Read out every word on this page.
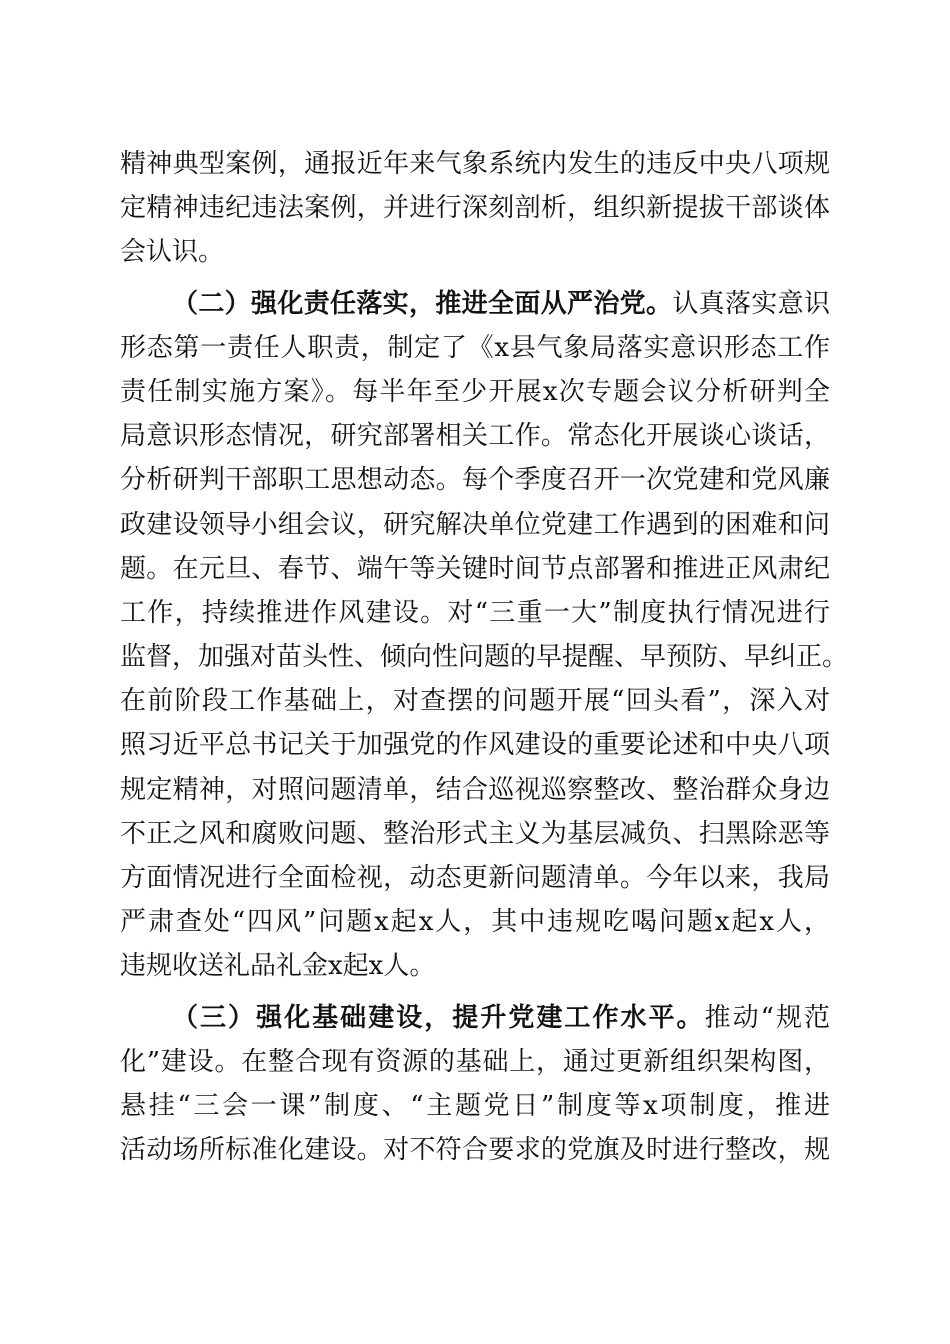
精神典型案例，通报近年来气象系统内发生的违反中央八项规
定精神违纪违法案例，并进行深刻剖析，组织新提拔干部谈体
会认识。
（二）强化责任落实，推进全面从严治党。认真落实意识
形态第一责任人职责，制定了《x县气象局落实意识形态工作
责任制实施方案》。每半年至少开展x次专题会议分析研判全
局意识形态情况，研究部署相关工作。常态化开展谈心谈话，
分析研判干部职工思想动态。每个季度召开一次党建和党风廉
政建设领导小组会议，研究解决单位党建工作遇到的困难和问
题。在元旦、春节、端午等关键时间节点部署和推进正风肃纪
工作，持续推进作风建设。对“三重一大”制度执行情况进行
监督，加强对苗头性、倾向性问题的早提醒、早预防、早纠正。
在前阶段工作基础上，对查摆的问题开展“回头看”，深入对
照习近平总书记关于加强党的作风建设的重要论述和中央八项
规定精神，对照问题清单，结合巡视巡察整改、整治群众身边
不正之风和腐败问题、整治形式主义为基层减负、扫黑除恶等
方面情况进行全面检视，动态更新问题清单。今年以来，我局
严肃查处“四风”问题x起x人，其中违规吃喝问题x起x人，
违规收送礼品礼金x起x人。
（三）强化基础建设，提升党建工作水平。推动“规范
化”建设。在整合现有资源的基础上，通过更新组织架构图，
悬挂“三会一课”制度、“主题党日”制度等x项制度，推进
活动场所标准化建设。对不符合要求的党旗及时进行整改，规
